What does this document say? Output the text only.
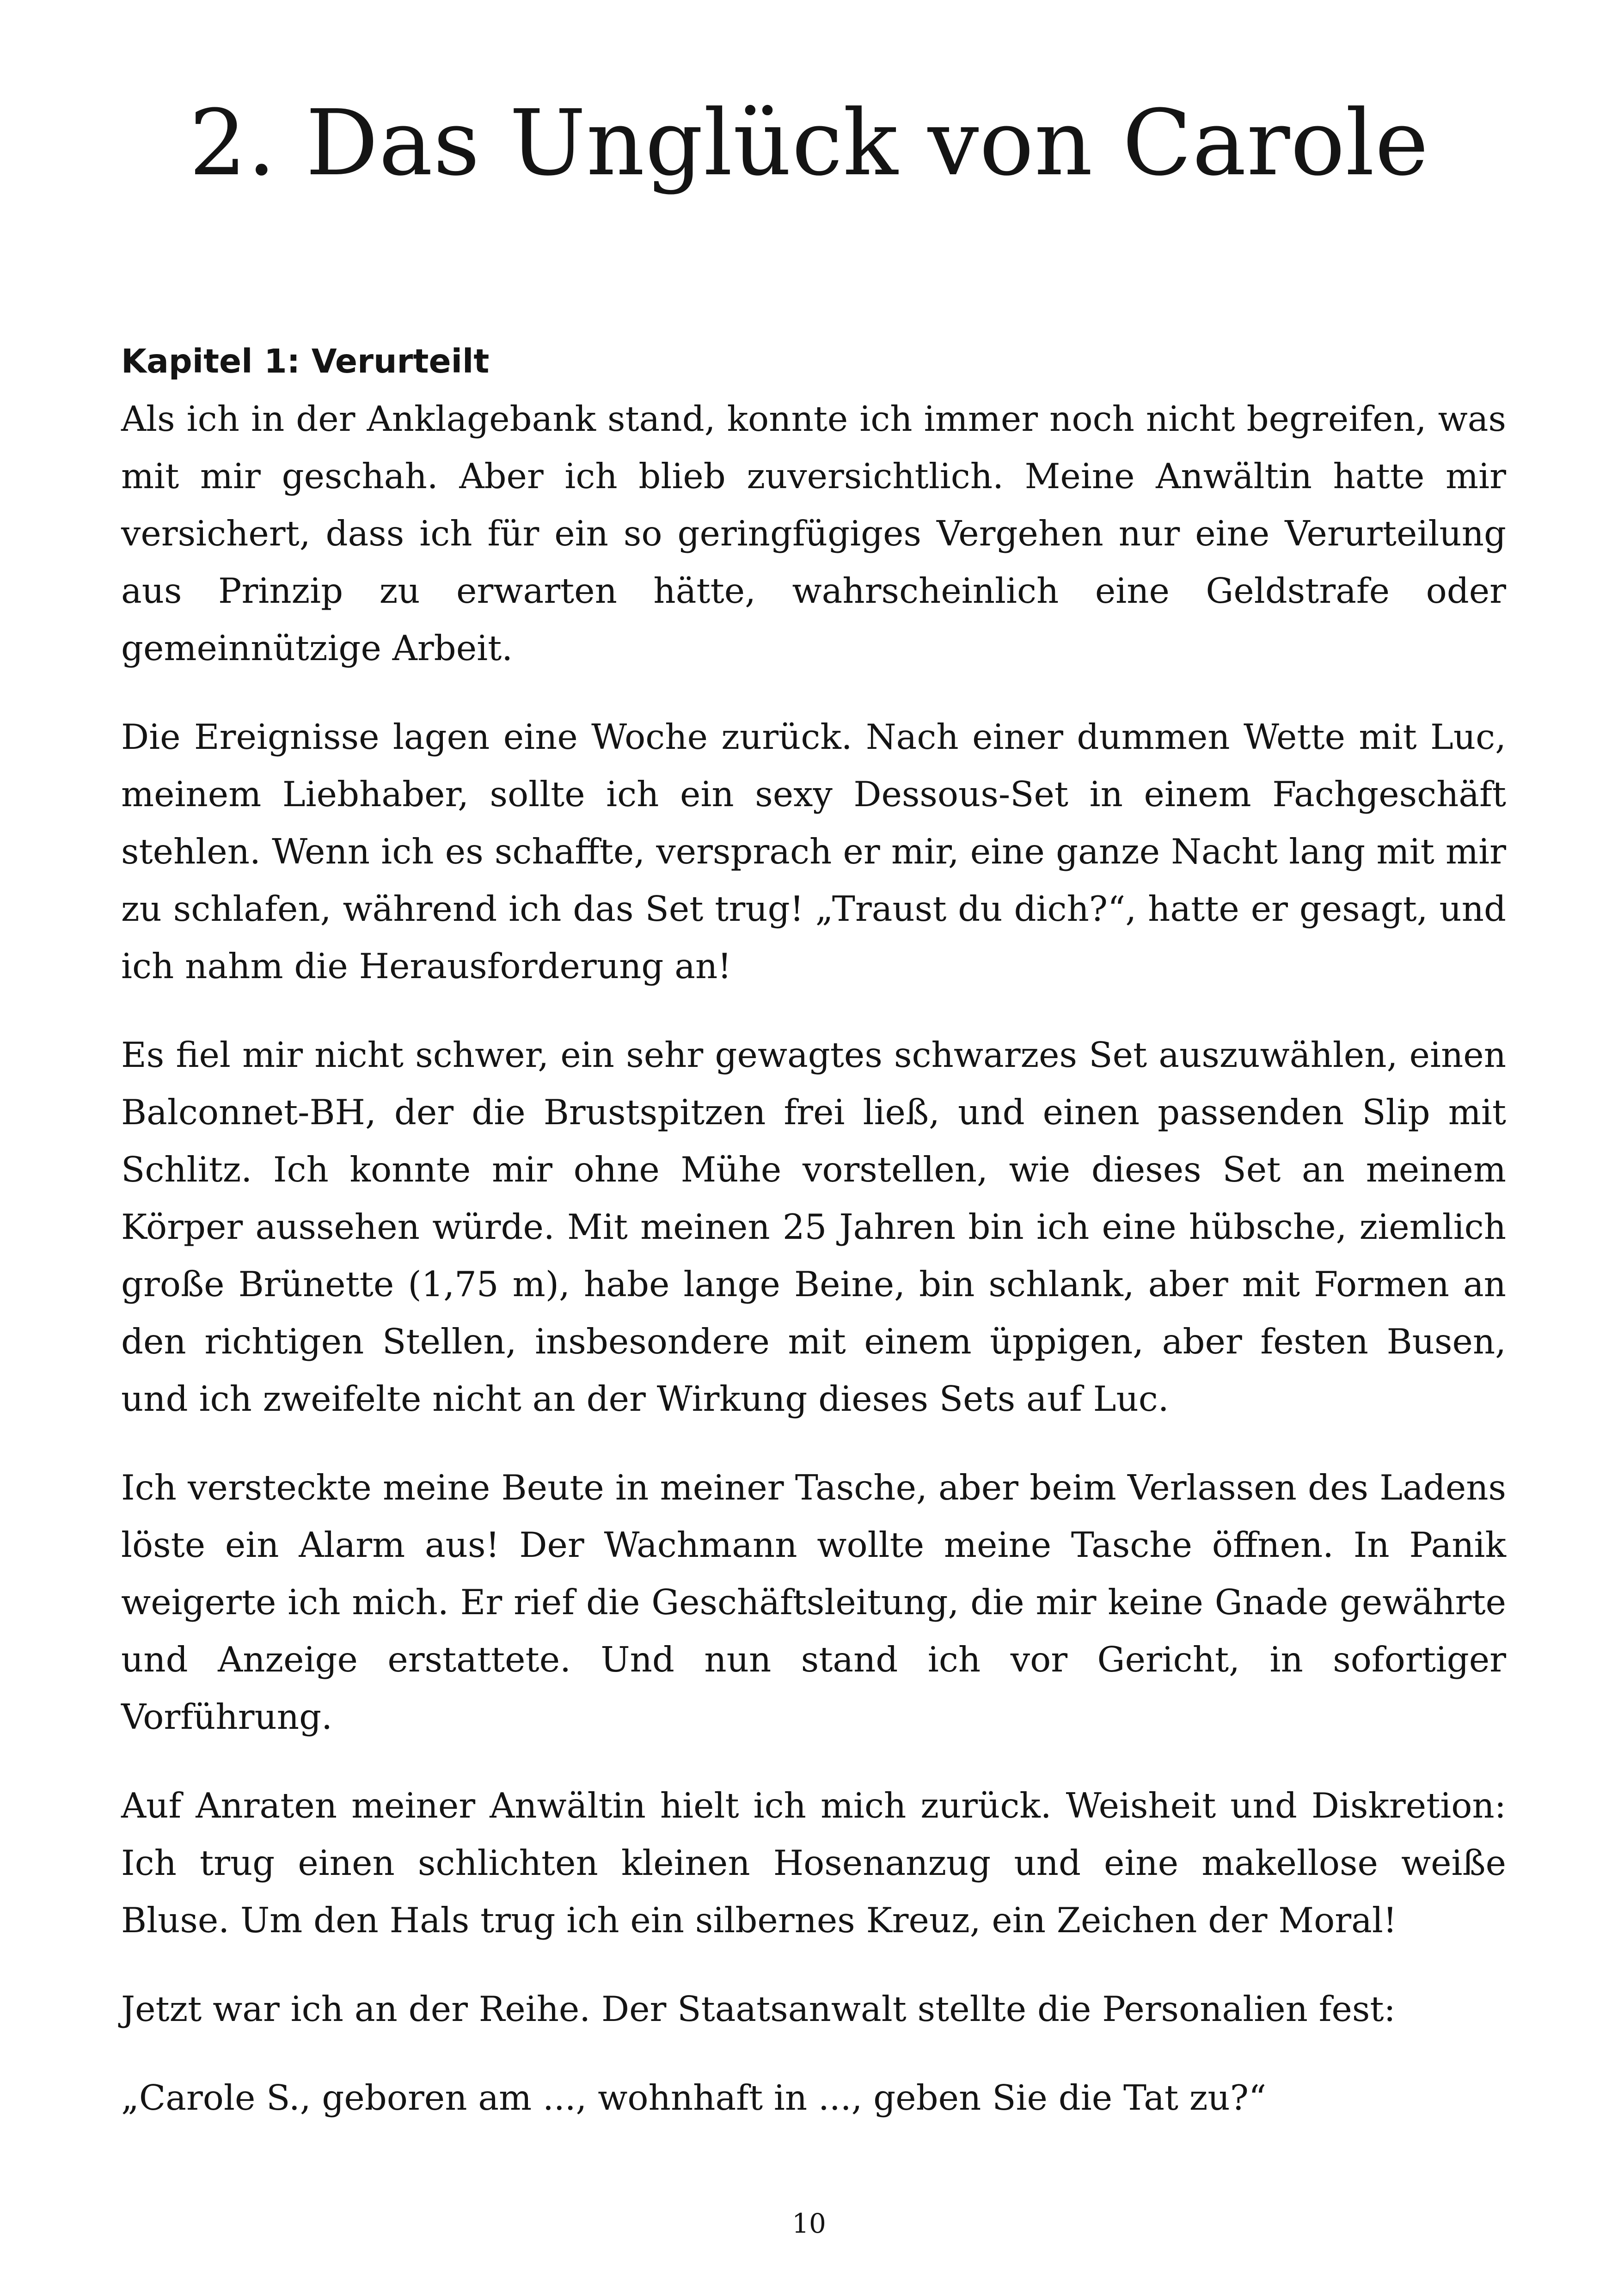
2. Das Unglück von Carole
Kapitel 1: Verurteilt

Als ich in der Anklagebank stand, konnte ich immer noch nicht begreifen, was mit mir geschah. Aber ich blieb zuversichtlich. Meine Anwältin hatte mir versichert, dass ich für ein so geringfügiges Vergehen nur eine Verurteilung aus Prinzip zu erwarten hätte, wahrscheinlich eine Geldstrafe oder gemeinnützige Arbeit.

Die Ereignisse lagen eine Woche zurück. Nach einer dummen Wette mit Luc, meinem Liebhaber, sollte ich ein sexy Dessous-Set in einem Fachgeschäft stehlen. Wenn ich es schaffte, versprach er mir, eine ganze Nacht lang mit mir zu schlafen, während ich das Set trug! „Traust du dich?“, hatte er gesagt, und ich nahm die Herausforderung an!

Es fiel mir nicht schwer, ein sehr gewagtes schwarzes Set auszuwählen, einen Balconnet-BH, der die Brustspitzen frei ließ, und einen passenden Slip mit Schlitz. Ich konnte mir ohne Mühe vorstellen, wie dieses Set an meinem Körper aussehen würde. Mit meinen 25 Jahren bin ich eine hübsche, ziemlich große Brünette (1,75 m), habe lange Beine, bin schlank, aber mit Formen an den richtigen Stellen, insbesondere mit einem üppigen, aber festen Busen, und ich zweifelte nicht an der Wirkung dieses Sets auf Luc.

Ich versteckte meine Beute in meiner Tasche, aber beim Verlassen des Ladens löste ein Alarm aus! Der Wachmann wollte meine Tasche öffnen. In Panik weigerte ich mich. Er rief die Geschäftsleitung, die mir keine Gnade gewährte und Anzeige erstattete. Und nun stand ich vor Gericht, in sofortiger Vorführung.

Auf Anraten meiner Anwältin hielt ich mich zurück. Weisheit und Diskretion: Ich trug einen schlichten kleinen Hosenanzug und eine makellose weiße Bluse. Um den Hals trug ich ein silbernes Kreuz, ein Zeichen der Moral!

Jetzt war ich an der Reihe. Der Staatsanwalt stellte die Personalien fest:

„Carole S., geboren am ..., wohnhaft in ..., geben Sie die Tat zu?“

10
